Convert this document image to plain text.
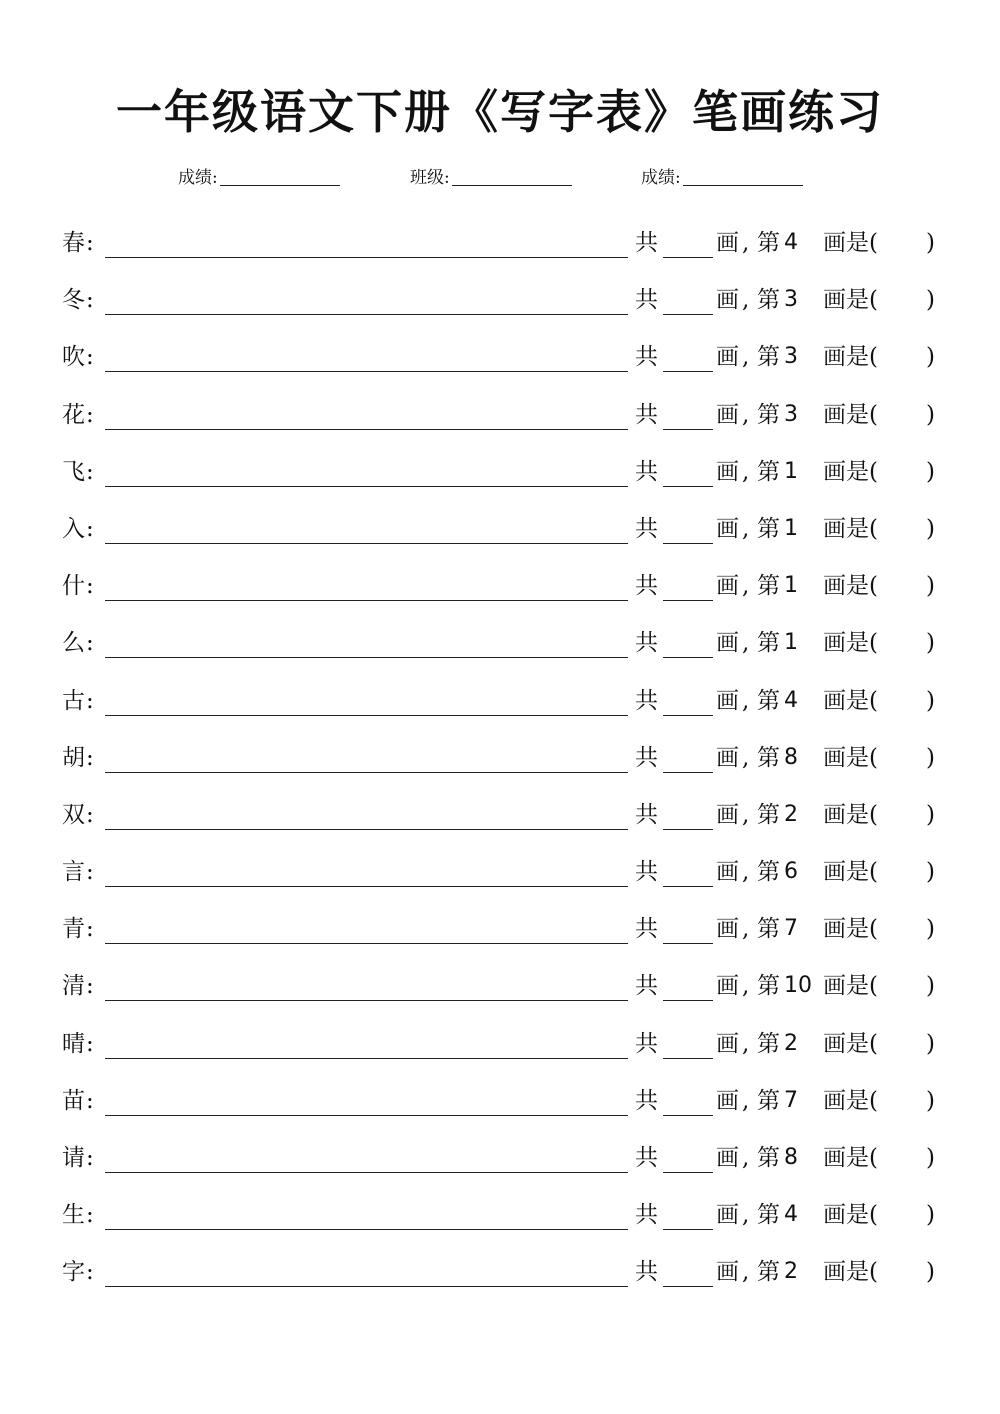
一年级语文下册《写字表》笔画练习
成绩:	班级:	成绩:
春 :	共	画 , 第 4 画是( )
冬 :	共	画 , 第 3 画是( )
吹 :	共	画 , 第 3 画是( )
花 :	共	画 , 第 3 画是( )
飞 :	共	画 , 第 1 画是( )
入 :	共	画 , 第 1 画是( )
什 :	共	画 , 第 1 画是( )
么 :	共	画 , 第 1 画是( )
古 :	共	画 , 第 4 画是( )
胡 :	共	画 , 第 8 画是( )
双 :	共	画 , 第 2 画是( )
言 :	共	画 , 第 6 画是( )
青 :	共	画 , 第 7 画是( )
清 :	共	画 , 第 10 画是( )
晴 :	共	画 , 第 2 画是( )
苗 :	共	画 , 第 7 画是( )
请 :	共	画 , 第 8 画是( )
生 :	共	画 , 第 4 画是( )
字 :	共	画 , 第 2 画是( )
